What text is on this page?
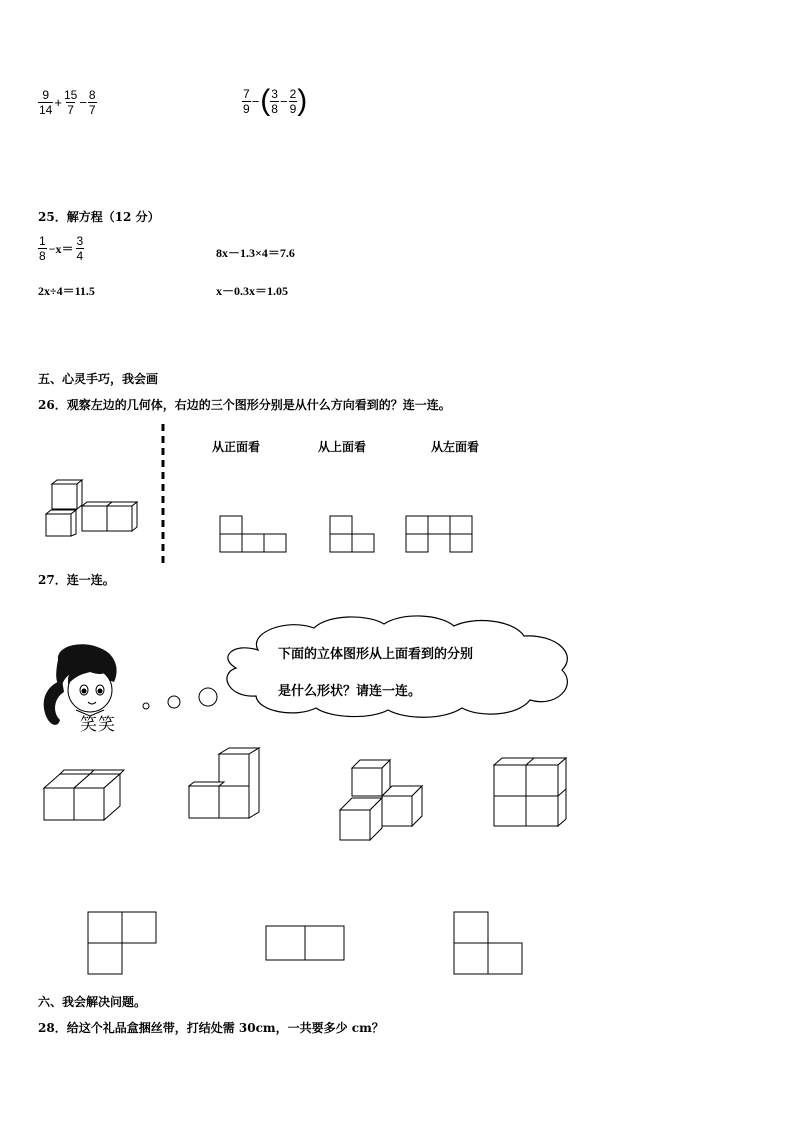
$\frac{9}{14} + \frac{15}{7} - \frac{8}{7}$	$\frac{7}{9}$ − ( $\frac{3}{8} - \frac{2}{9}$ )
25．解方程（12 分）
$\frac{1}{8} -x= \frac{3}{4}$	8x－1.3×4＝7.6
2x÷4＝11.5	x－0.3x＝1.05
五、心灵手巧，我会画
26．观察左边的几何体，右边的三个图形分别是从什么方向看到的？连一连。
从正面看	从上面看	从左面看
27．连一连。
笑笑
下面的立体图形从上面看到的分别
是什么形状？请连一连。
六、我会解决问题。
28．给这个礼品盒捆丝带，打结处需 30cm，一共要多少 cm？
